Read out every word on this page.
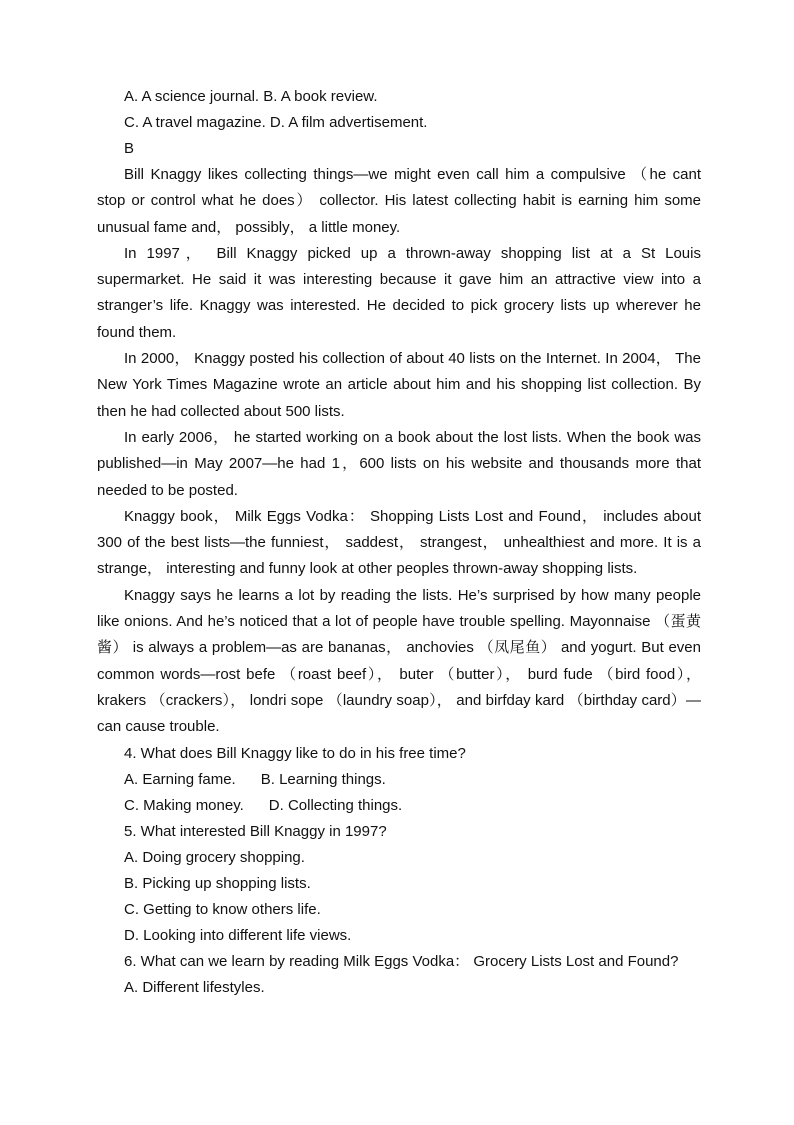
A. A science journal. B. A book review.

C. A travel magazine. D. A film advertisement.

B

Bill Knaggy likes collecting things—we might even call him a compulsive （he cant stop or control what he does） collector. His latest collecting habit is earning him some unusual fame and， possibly， a little money.

In 1997， Bill Knaggy picked up a thrown-away shopping list at a St Louis supermarket. He said it was interesting because it gave him an attractive view into a stranger’s life. Knaggy was interested. He decided to pick grocery lists up wherever he found them.

In 2000， Knaggy posted his collection of about 40 lists on the Internet. In 2004， The New York Times Magazine wrote an article about him and his shopping list collection. By then he had collected about 500 lists.

In early 2006， he started working on a book about the lost lists. When the book was published—in May 2007—he had 1，600 lists on his website and thousands more that needed to be posted.

Knaggy book， Milk Eggs Vodka： Shopping Lists Lost and Found， includes about 300 of the best lists—the funniest， saddest， strangest， unhealthiest and more. It is a strange， interesting and funny look at other peoples thrown-away shopping lists.

Knaggy says he learns a lot by reading the lists. He’s surprised by how many people like onions. And he’s noticed that a lot of people have trouble spelling. Mayonnaise （蛋黄酱） is always a problem—as are bananas， anchovies （凤尾鱼） and yogurt. But even common words—rost befe （roast beef）， buter （butter）， burd fude （bird food）， krakers （crackers）， londri sope （laundry soap）， and birfday kard （birthday card）—can cause trouble.

4. What does Bill Knaggy like to do in his free time?

A. Earning fame.      B. Learning things.

C. Making money.      D. Collecting things.

5. What interested Bill Knaggy in 1997?

A. Doing grocery shopping.

B. Picking up shopping lists.

C. Getting to know others life.

D. Looking into different life views.

6. What can we learn by reading Milk Eggs Vodka： Grocery Lists Lost and Found?

A. Different lifestyles.
